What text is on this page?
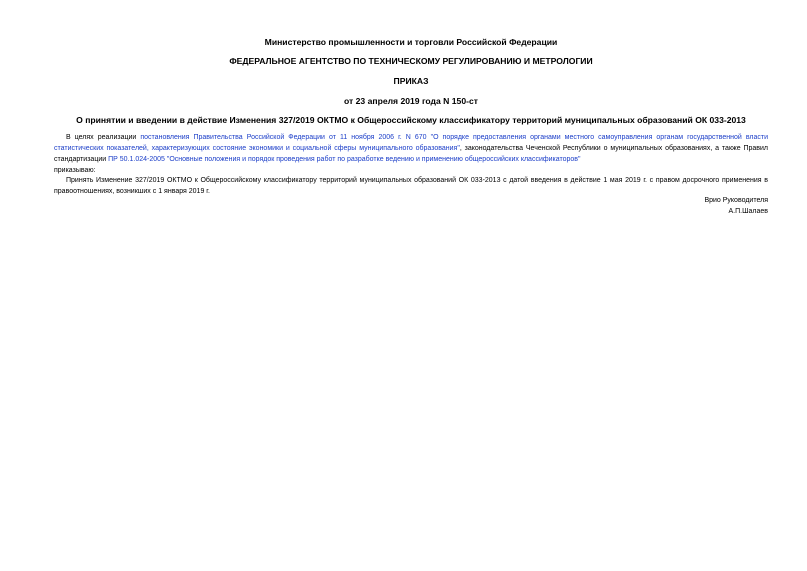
Министерство промышленности и торговли Российской Федерации
ФЕДЕРАЛЬНОЕ АГЕНТСТВО ПО ТЕХНИЧЕСКОМУ РЕГУЛИРОВАНИЮ И МЕТРОЛОГИИ
ПРИКАЗ
от 23 апреля 2019 года N 150-ст
О принятии и введении в действие Изменения 327/2019 ОКТМО к Общероссийскому классификатору территорий муниципальных образований ОК 033-2013
В целях реализации постановления Правительства Российской Федерации от 11 ноября 2006 г. N 670 "О порядке предоставления органами местного самоуправления органам государственной власти статистических показателей, характеризующих состояние экономики и социальной сферы муниципального образования", законодательства Чеченской Республики о муниципальных образованиях, а также Правил стандартизации ПР 50.1.024-2005 "Основные положения и порядок проведения работ по разработке ведению и применению общероссийских классификаторов"
приказываю:
Принять Изменение 327/2019 ОКТМО к Общероссийскому классификатору территорий муниципальных образований ОК 033-2013 с датой введения в действие 1 мая 2019 г. с правом досрочного применения в правоотношениях, возникших с 1 января 2019 г.
Врио Руководителя
А.П.Шалаев
